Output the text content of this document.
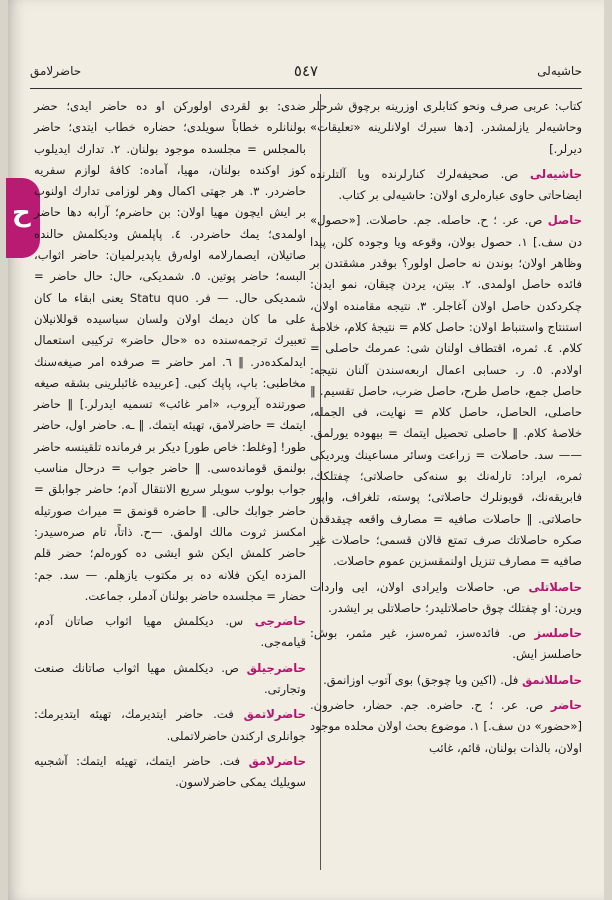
ح
حاشيەلى
٥٤٧
حاضرلامق

كتاب: عربى صرف ونحو كتابلرى اوزرينه برچوق شرحلر وحاشيەلر يازلمشدر. [دها سيرك اولانلرينه «تعليقات» ديرلر.]

حاشيەلى ص. صحيفەلرك كنارلرنده ويا آلتلرنده ايضاحاتى حاوى عبارەلرى اولان: حاشيەلى بر كتاب.

حاصل ص. عر. ؛ ح. حاصله. جم. حاصلات. [«حصول» دن سف.] ١. حصول بولان، وقوعه ويا وجوده كلن، پيدا وظاهر اولان؛ بوندن نه حاصل اولور؟ بوقدر مشقتدن بر فائده حاصل اولمدى. ٢. بيتن، يردن چيقان، نمو ايدن: چكردكدن حاصل اولان آغاجلر. ٣. نتيجه مقامنده اولان، استنتاج واستنباط اولان: حاصل كلام = نتيجۀ كلام، خلاصۀ كلام. ٤. ثمره، اقتطاف اولنان شى: عمرمك حاصلى = اولادم. ٥. ر. حسابى اعمال اربعەسندن آلنان نتيجه: حاصل جمع، حاصل طرح، حاصل ضرب، حاصل تقسيم. ‖ حاصلى، الحاصل، حاصل كلام = نهايت، فى الجمله، خلاصۀ كلام. ‖ حاصلى تحصيل ايتمك = بيهوده يورلمق. —— سد. حاصلات = زراعت وسائر مساعينك ويرديكى ثمره، ايراد: تارلەنك بو سنەكى حاصلاتى؛ چفتلكك، فابريقەنك، قويونلرك حاصلاتى؛ پوسته، تلغراف، واپور حاصلاتى. ‖ حاصلات صافيه = مصارف واقعه چيقدقدن صكره حاصلاتك صرف تمتع قالان قسمى؛ حاصلات غير صافيه = مصارف تنزيل اولنمقسزين عموم حاصلات.

حاصلاتلى ص. حاصلات وايرادى اولان، ايى واردات ويرن: او چفتلك چوق حاصلاتليدر؛ حاصلاتلى بر ايشدر.

حاصلسز ص. فائدەسز، ثمرەسز، غير مثمر، بوش: حاصلسز ايش.

حاصللانمق فل. (اكين ويا چوجق) بوى آتوب اوزانمق.

حاضر ص. عر. ؛ ح. حاضره. جم. حضار، حاضرون. [«حضور» دن سف.] ١. موضوع بحث اولان محلده موجود اولان، بالذات بولنان، قائم، غائب

ضدى: بو لقردى اولوركن او ده حاضر ايدى؛ حضر بولنانلره خطاباً سويلدى؛ حضاره خطاب ايتدى؛ حاضر بالمجلس = مجلسده موجود بولنان. ٢. تدارك ايديلوب كوز اوكنده بولنان، مهيا، آماده: كافۀ لوازم سفريه حاضردر. ٣. هر جهتى اكمال وهر لوزامى تدارك اولنوب بر ايش ايچون مهيا اولان: بن حاضرم؛ آرابه دها حاضر اولمدى؛ يمك حاضردر. ٤. پاپلمش وديكلمش حالنده صاتيلان، ايصمارلامه اولەرق ياپديرلميان: حاضر اثواب، البسه؛ حاضر پوتين. ٥. شمديكى، حال: حال حاضر = شمديكى حال. — فر. Statu quo يعنى ابقاء ما كان على ما كان ديمك اولان ولسان سياسيده قوللانيلان تعبيرك ترجمەسنده ده «حال حاضر» تركيبى استعمال ايدلمكدەدر. ‖ ٦. امر حاضر = صرفده امر صيغەسنك مخاطبى: باپ، پاپك كبى. [عربيده غائبلرينى بشقه صيغه صورتنده آيروب، «امر غائب» تسميه ايدرلر.] ‖ حاضر ايتمك = حاضرلامق، تهيئه ايتمك. ‖ ـه. حاضر اول، حاضر طور! [وغلط: خاص طور] ديكر بر فرمانده تلقينسه حاضر بولنمق قوماندەسى. ‖ حاضر جواب = درحال مناسب جواب بولوب سويلر سريع الانتقال آدم؛ حاضر جوابلق = حاضر جوابك حالى. ‖ حاضره قونمق = ميراث صورتيله امكسز ثروت مالك اولمق. —ح. ذاتاً، تام صرەسيدر: حاضر كلمش ايكن شو ايشى ده كورەلم؛ حضر قلم المزده ايكن فلانه ده بر مكتوب يازهلم. — سد. جم: حضار = مجلسده حاضر بولنان آدملر، جماعت.

حاضرجى س. ديكلمش مهيا اثواب صاتان آدم، قيامەجى.

حاضرجيلق ص. ديكلمش مهيا اثواب صاتانك صنعت وتجارتى.

حاضرلاتمق فت. حاضر ايتديرمك، تهيئه ايتديرمك: جوانلرى اركندن حاضرلاتملى.

حاضرلامق فت. حاضر ايتمك، تهيئه ايتمك: آشجىيه سويليك يمكى حاضرلاسون.
